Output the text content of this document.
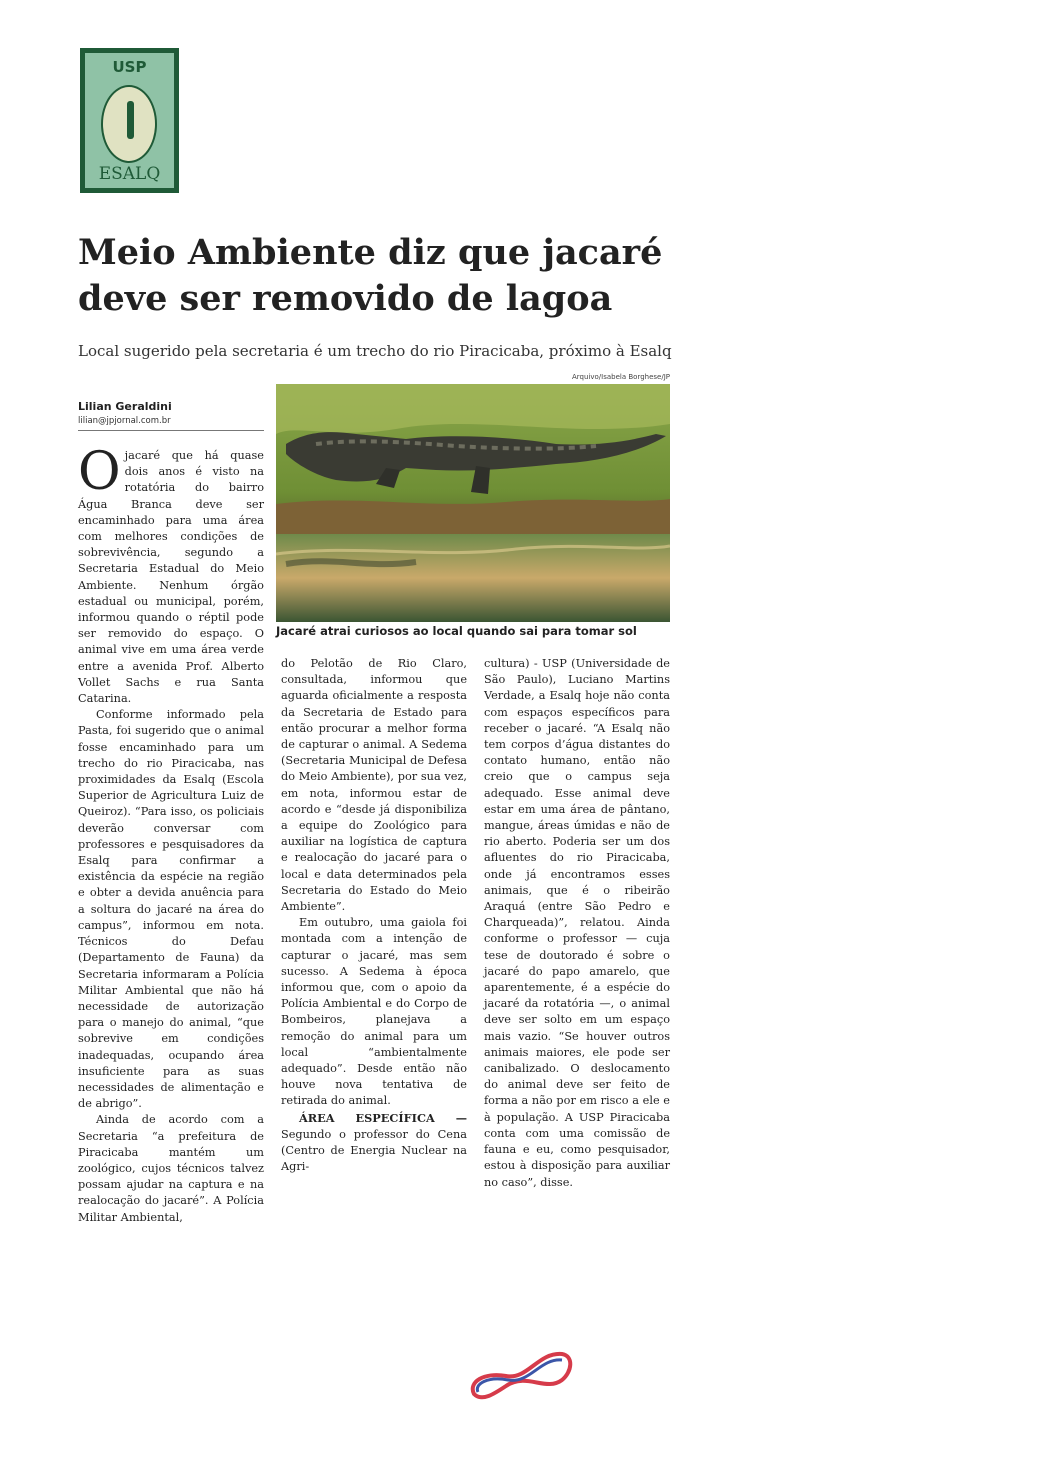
USP
ESALQ
Meio Ambiente diz que jacaré deve ser removido de lagoa
Local sugerido pela secretaria é um trecho do rio Piracicaba, próximo à Esalq
Arquivo/Isabela Borghese/JP
Lilian Geraldini
lilian@jpjornal.com.br
Jacaré atrai curiosos ao local quando sai para tomar sol

Ojacaré que há quase dois anos é visto na rotatória do bairro Água Branca deve ser encaminhado para uma área com melhores condições de sobrevivência, segundo a Secretaria Estadual do Meio Ambiente. Nenhum órgão estadual ou municipal, porém, informou quando o réptil pode ser removido do espaço. O animal vive em uma área verde entre a avenida Prof. Alberto Vollet Sachs e rua Santa Catarina.

Conforme informado pela Pasta, foi sugerido que o animal fosse encaminhado para um trecho do rio Piracicaba, nas proximidades da Esalq (Escola Superior de Agricultura Luiz de Queiroz). “Para isso, os policiais deverão conversar com professores e pesquisadores da Esalq para confirmar a existência da espécie na região e obter a devida anuência para a soltura do jacaré na área do campus”, informou em nota. Técnicos do Defau (Departamento de Fauna) da Secretaria informaram a Polícia Militar Ambiental que não há necessidade de autorização para o manejo do animal, “que sobrevive em condições inadequadas, ocupando área insuficiente para as suas necessidades de alimentação e de abrigo”.

Ainda de acordo com a Secretaria “a prefeitura de Piracicaba mantém um zoológico, cujos técnicos talvez possam ajudar na captura e na realocação do jacaré”. A Polícia Militar Ambiental,

do Pelotão de Rio Claro, consultada, informou que aguarda oficialmente a resposta da Secretaria de Estado para então procurar a melhor forma de capturar o animal. A Sedema (Secretaria Municipal de Defesa do Meio Ambiente), por sua vez, em nota, informou estar de acordo e “desde já disponibiliza a equipe do Zoológico para auxiliar na logística de captura e realocação do jacaré para o local e data determinados pela Secretaria do Estado do Meio Ambiente”.

Em outubro, uma gaiola foi montada com a intenção de capturar o jacaré, mas sem sucesso. A Sedema à época informou que, com o apoio da Polícia Ambiental e do Corpo de Bombeiros, planejava a remoção do animal para um local “ambientalmente adequado”. Desde então não houve nova tentativa de retirada do animal.

ÁREA ESPECÍFICA — Segundo o professor do Cena (Centro de Energia Nuclear na Agri-

cultura) - USP (Universidade de São Paulo), Luciano Martins Verdade, a Esalq hoje não conta com espaços específicos para receber o jacaré. “A Esalq não tem corpos d’água distantes do contato humano, então não creio que o campus seja adequado. Esse animal deve estar em uma área de pântano, mangue, áreas úmidas e não de rio aberto. Poderia ser um dos afluentes do rio Piracicaba, onde já encontramos esses animais, que é o ribeirão Araquá (entre São Pedro e Charqueada)”, relatou. Ainda conforme o professor — cuja tese de doutorado é sobre o jacaré do papo amarelo, que aparentemente, é a espécie do jacaré da rotatória —, o animal deve ser solto em um espaço mais vazio. “Se houver outros animais maiores, ele pode ser canibalizado. O deslocamento do animal deve ser feito de forma a não por em risco a ele e à população. A USP Piracicaba conta com uma comissão de fauna e eu, como pesquisador, estou à disposição para auxiliar no caso”, disse.
